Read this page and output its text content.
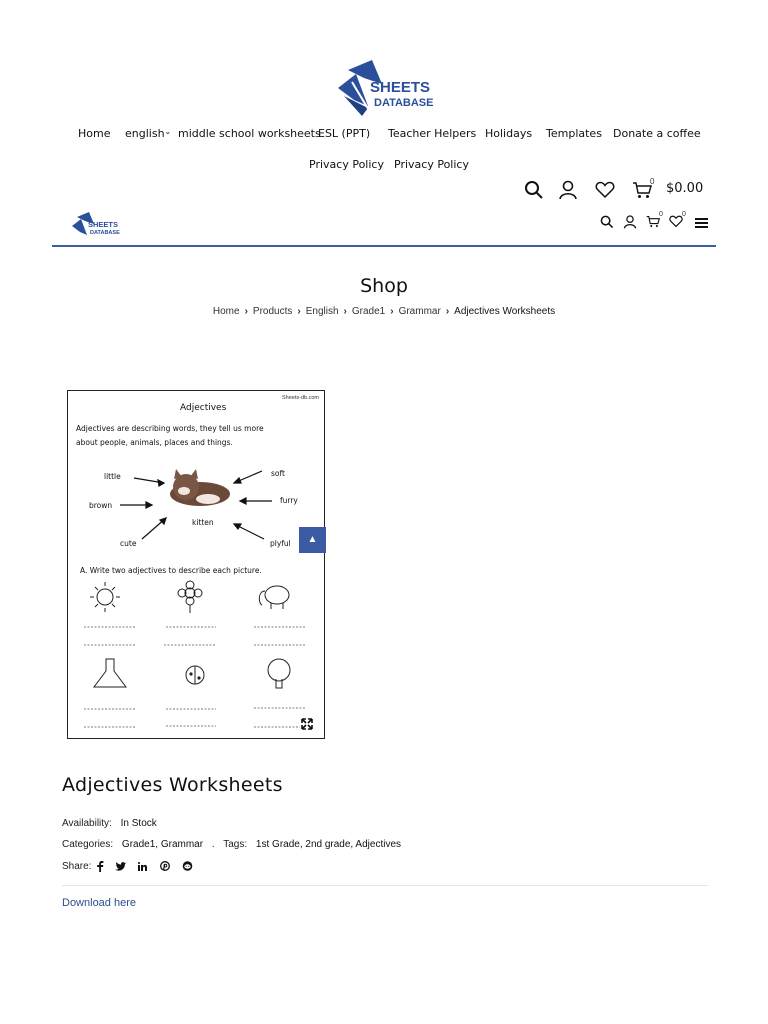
SHEETS
DATABASE
Home english⌄ middle school worksheets
ESL (PPT) Teacher Helpers Holidays Templates Donate a coffee
Privacy Policy Privacy Policy
0 $0.00
SHEETS
DATABASE
0	0
Shop
Home › Products › English › Grade1 › Grammar › Adjectives Worksheets
Sheets-db.com
Adjectives
Adjectives are describing words, they tell us more
about people, animals, places and things.
little	soft
brown
furry
kitten
cute	plyful
A. Write two adjectives to describe each picture.
▲
Adjectives Worksheets
Availability: In Stock
Categories: Grade1, Grammar . Tags: 1st Grade, 2nd grade, Adjectives
Share:
Download here
